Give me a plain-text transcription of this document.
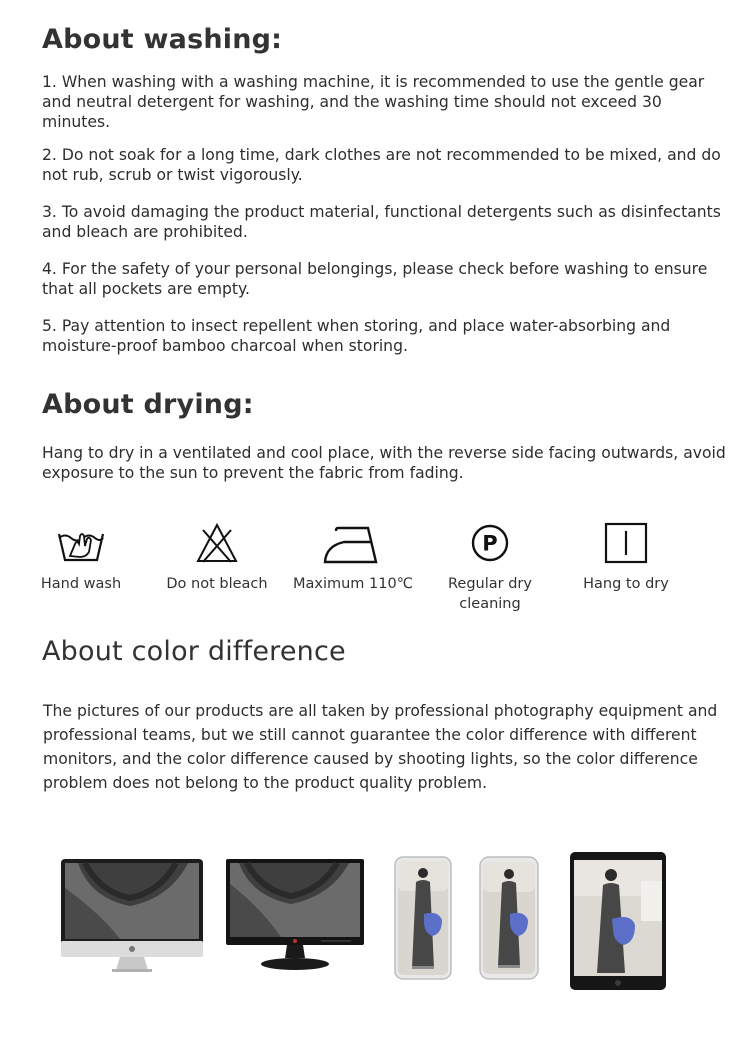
About washing:

1. When washing with a washing machine, it is recommended to use the gentle gear and neutral detergent for washing, and the washing time should not exceed 30 minutes.

2. Do not soak for a long time, dark clothes are not recommended to be mixed, and do not rub, scrub or twist vigorously.

3. To avoid damaging the product material, functional detergents such as disinfectants and bleach are prohibited.

4. For the safety of your personal belongings, please check before washing to ensure that all pockets are empty.

5. Pay attention to insect repellent when storing, and place water-absorbing and moisture-proof bamboo charcoal when storing.

About drying:

Hang to dry in a ventilated and cool place, with the reverse side facing outwards, avoid exposure to the sun to prevent the fabric from fading.

Hand wash	Do not bleach Maximum 110℃
P
Regular dry cleaning
Hang to dry
About color difference

The pictures of our products are all taken by professional photography equipment and professional teams, but we still cannot guarantee the color difference with different monitors, and the color difference caused by shooting lights, so the color difference problem does not belong to the product quality problem.
